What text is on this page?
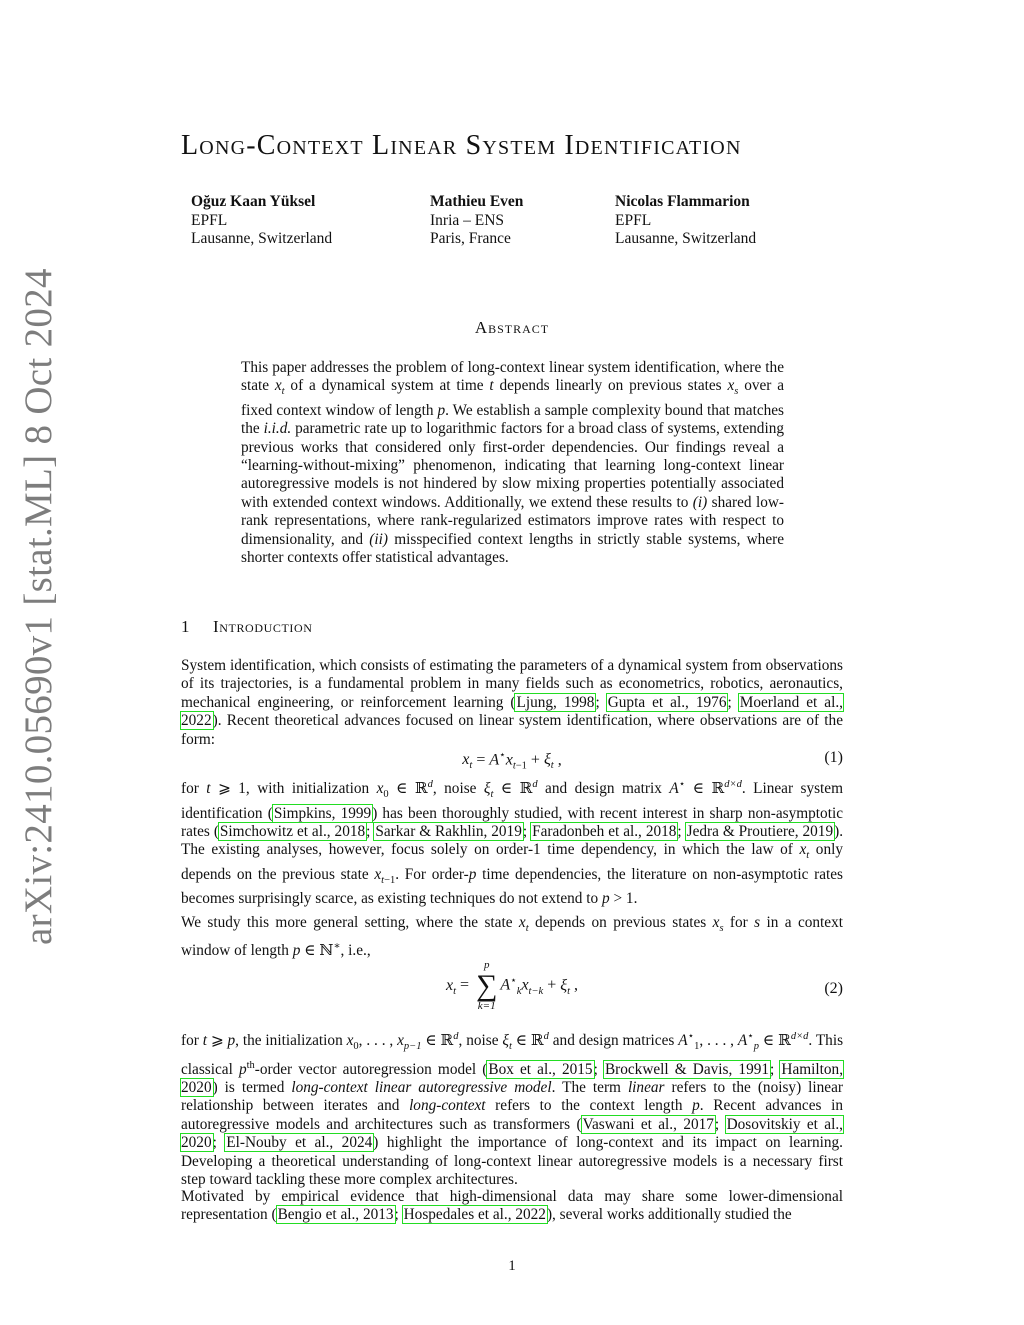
arXiv:2410.05690v1 [stat.ML] 8 Oct 2024
Long-Context Linear System Identification
Oğuz Kaan Yüksel
EPFL
Lausanne, Switzerland
Mathieu Even
Inria – ENS
Paris, France
Nicolas Flammarion
EPFL
Lausanne, Switzerland
Abstract
This paper addresses the problem of long-context linear system identification, where the state $x_t$ of a dynamical system at time t depends linearly on previous states $x_s$ over a fixed context window of length p. We establish a sample complexity bound that matches the i.i.d. parametric rate up to logarithmic factors for a broad class of systems, extending previous works that considered only first-order dependencies. Our findings reveal a “learning-without-mixing” phenomenon, indicating that learning long-context linear autoregressive models is not hindered by slow mixing properties potentially associated with extended context windows. Additionally, we extend these results to (i) shared low-rank representations, where rank-regularized estimators improve rates with respect to dimensionality, and (ii) misspecified context lengths in strictly stable systems, where shorter contexts offer statistical advantages.
1 Introduction
System identification, which consists of estimating the parameters of a dynamical system from observations of its trajectories, is a fundamental problem in many fields such as econometrics, robotics, aeronautics, mechanical engineering, or reinforcement learning (Ljung, 1998; Gupta et al., 1976; Moerland et al., 2022). Recent theoretical advances focused on linear system identification, where observations are of the form:
$x_t = A^⋆x_{t-1} + \xi_t$ ,	(1)
for t ⩾ 1, with initialization $x_0$ ∈ ℝ$^d$, noise $\xi_t$ ∈ ℝ$^d$ and design matrix A⋆ ∈ ℝ$^{d\times d}$. Linear system identification (Simpkins, 1999) has been thoroughly studied, with recent interest in sharp non-asymptotic rates (Simchowitz et al., 2018; Sarkar & Rakhlin, 2019; Faradonbeh et al., 2018; Jedra & Proutiere, 2019). The existing analyses, however, focus solely on order-1 time dependency, in which the law of $x_t$ only depends on the previous state $x_{t-1}$. For order-p time dependencies, the literature on non-asymptotic rates becomes surprisingly scarce, as existing techniques do not extend to p > 1.
We study this more general setting, where the state $x_t$ depends on previous states $x_s$ for s in a context window of length p ∈ ℕ∗, i.e.,
$x_t$ =
p
∑
k=1
$A^⋆_kx_{t-k} + \xi_t$ ,	(2)
for t ⩾ p, the initialization $x_0$, . . . , $x_{p-1}$ ∈ ℝ$^d$, noise $\xi_t$ ∈ ℝ$^d$ and design matrices $A^⋆_1$, . . . , $A^⋆_p$ ∈ ℝ$^{d\times d}$. This classical $p^{th}$-order vector autoregression model (Box et al., 2015; Brockwell & Davis, 1991; Hamilton, 2020) is termed long-context linear autoregressive model. The term linear refers to the (noisy) linear relationship between iterates and long-context refers to the context length p. Recent advances in autoregressive models and architectures such as transformers (Vaswani et al., 2017; Dosovitskiy et al., 2020; El-Nouby et al., 2024) highlight the importance of long-context and its impact on learning. Developing a theoretical understanding of long-context linear autoregressive models is a necessary first step toward tackling these more complex architectures.
Motivated by empirical evidence that high-dimensional data may share some lower-dimensional representation (Bengio et al., 2013; Hospedales et al., 2022), several works additionally studied the
1
